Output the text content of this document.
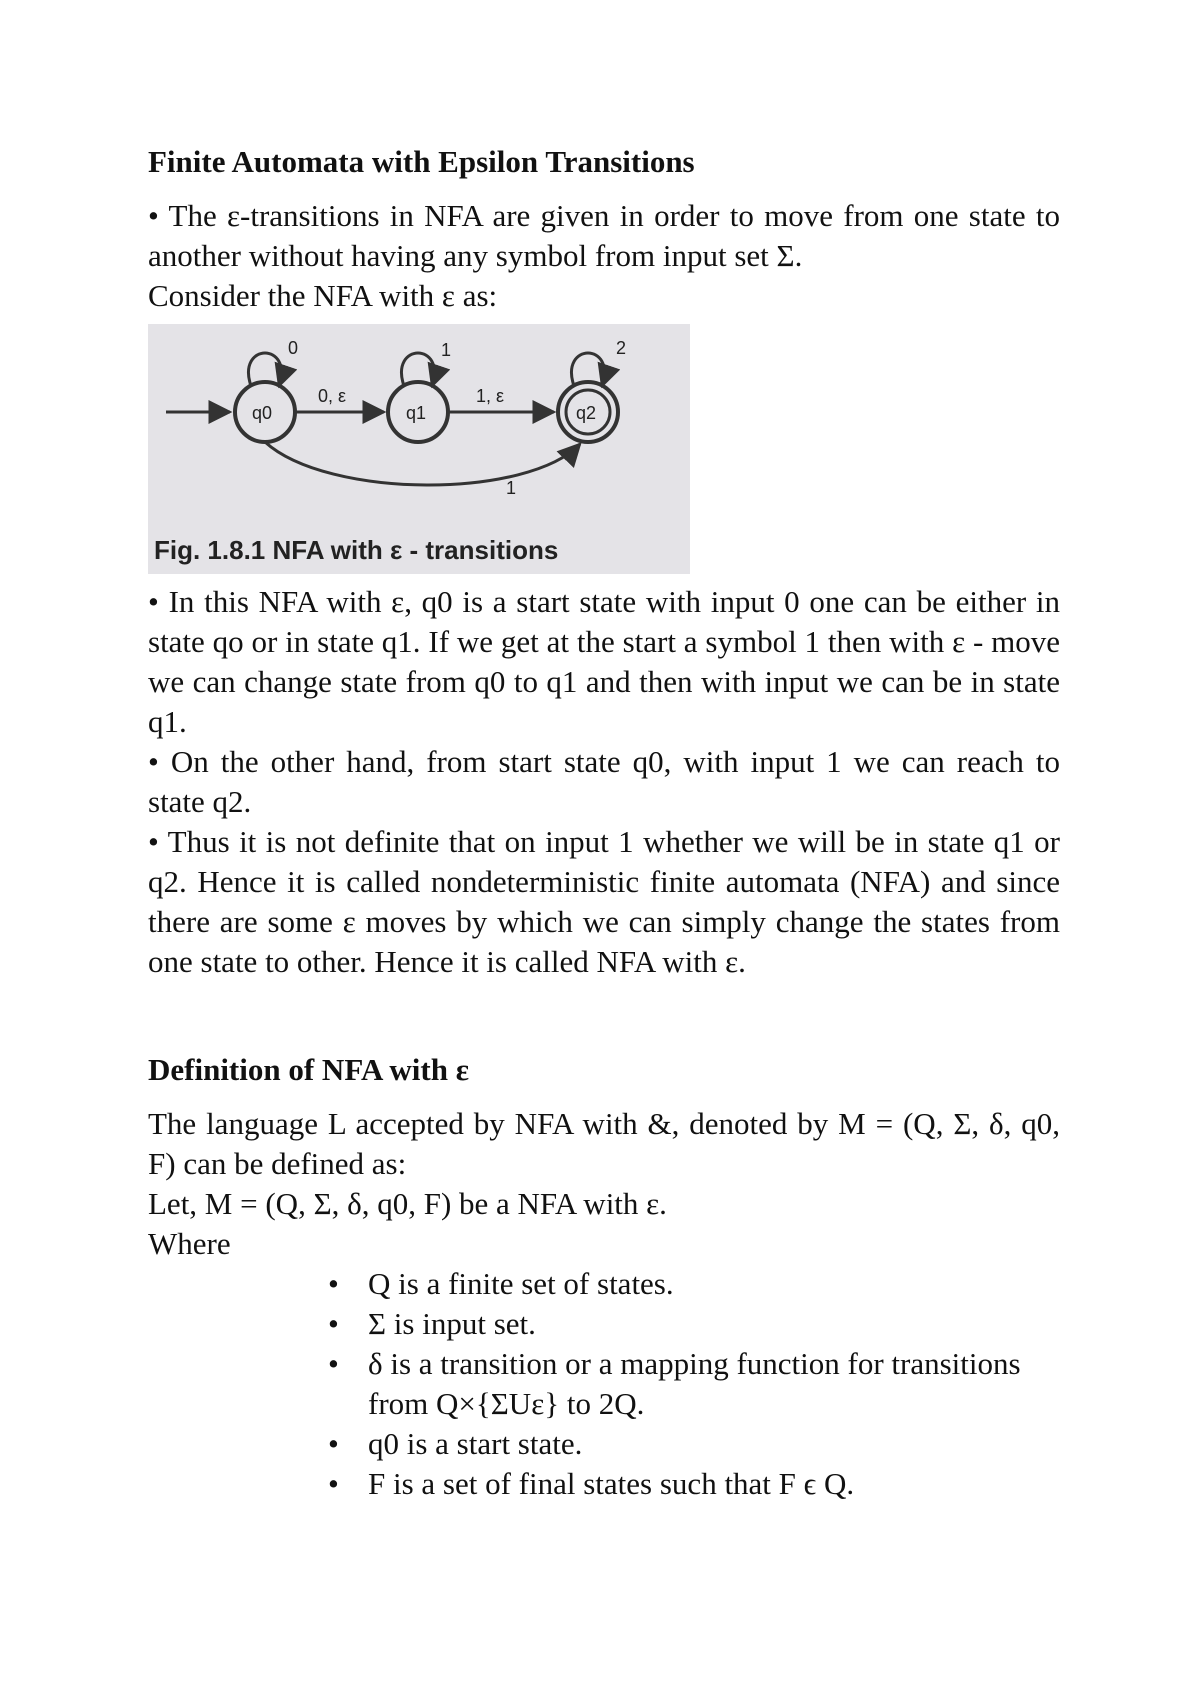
Finite Automata with Epsilon Transitions

• The ε-transitions in NFA are given in order to move from one state to another without having any symbol from input set Σ.

Consider the NFA with ε as:

0	1	2
q0	q1	q2
0, ε	1, ε
1
Fig. 1.8.1 NFA with ε - transitions

• In this NFA with ε, q0 is a start state with input 0 one can be either in state qo or in state q1. If we get at the start a symbol 1 then with ε - move we can change state from q0 to q1 and then with input we can be in state q1.

• On the other hand, from start state q0, with input 1 we can reach to state q2.

• Thus it is not definite that on input 1 whether we will be in state q1 or q2. Hence it is called nondeterministic finite automata (NFA) and since there are some ε moves by which we can simply change the states from one state to other. Hence it is called NFA with ε.

Definition of NFA with ε

The language L accepted by NFA with &, denoted by M = (Q, Σ, δ, q0, F) can be defined as:

Let, M = (Q, Σ, δ, q0, F) be a NFA with ε.

Where

• Q is a finite set of states.
• Σ is input set.
• δ is a transition or a mapping function for transitions from Q×{ΣUε} to 2Q.
• q0 is a start state.
• F is a set of final states such that F ϵ Q.
